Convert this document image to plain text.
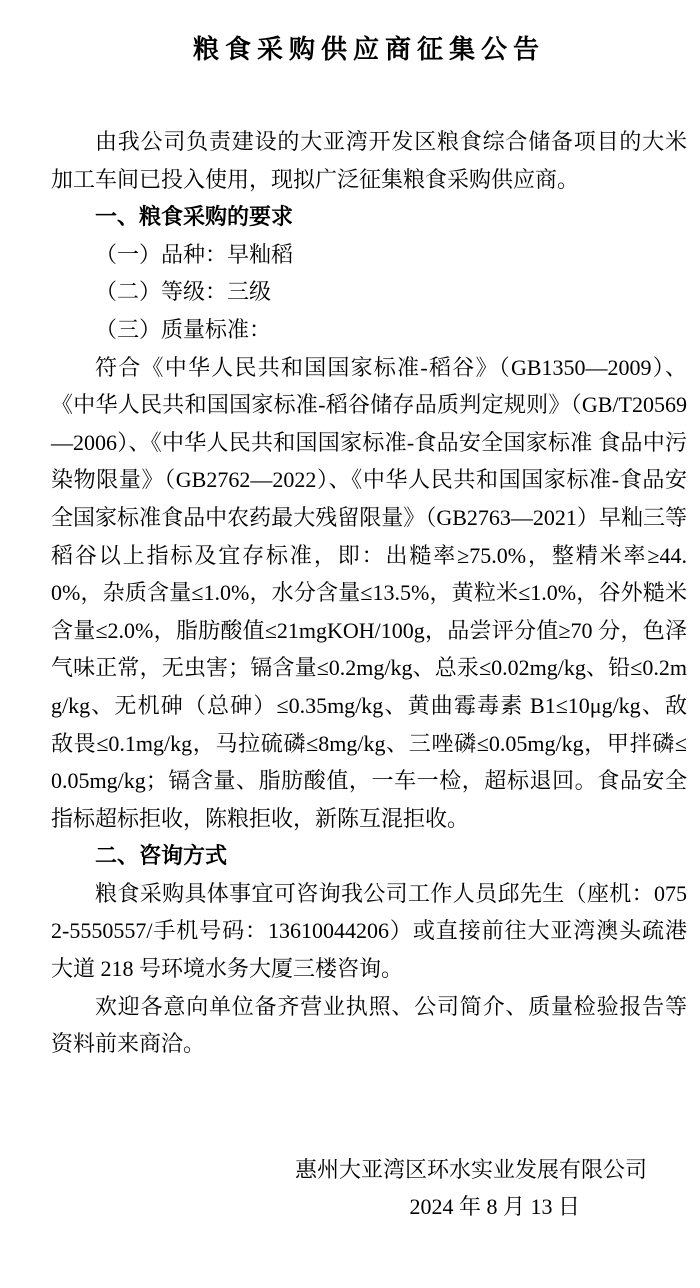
粮食采购供应商征集公告

由我公司负责建设的大亚湾开发区粮食综合储备项目的大米加工车间已投入使用，现拟广泛征集粮食采购供应商。

一、粮食采购的要求

（一）品种：早籼稻

（二）等级：三级

（三）质量标准：

符合《中华人民共和国国家标准-稻谷》（GB1350—2009）、《中华人民共和国国家标准-稻谷储存品质判定规则》（GB/T20569—2006）、《中华人民共和国国家标准-食品安全国家标准 食品中污染物限量》（GB2762—2022）、《中华人民共和国国家标准-食品安全国家标准食品中农药最大残留限量》（GB2763—2021）早籼三等稻谷以上指标及宜存标准，即：出糙率≥75.0%，整精米率≥44.0%，杂质含量≤1.0%，水分含量≤13.5%，黄粒米≤1.0%，谷外糙米含量≤2.0%，脂肪酸值≤21mgKOH/100g，品尝评分值≥70 分，色泽气味正常，无虫害；镉含量≤0.2mg/kg、总汞≤0.02mg/kg、铅≤0.2mg/kg、无机砷（总砷）≤0.35mg/kg、黄曲霉毒素 B1≤10μg/kg、敌敌畏≤0.1mg/kg，马拉硫磷≤8mg/kg、三唑磷≤0.05mg/kg，甲拌磷≤0.05mg/kg；镉含量、脂肪酸值，一车一检，超标退回。食品安全指标超标拒收，陈粮拒收，新陈互混拒收。

二、咨询方式

粮食采购具体事宜可咨询我公司工作人员邱先生（座机：0752-5550557/手机号码：13610044206）或直接前往大亚湾澳头疏港大道 218 号环境水务大厦三楼咨询。

欢迎各意向单位备齐营业执照、公司简介、质量检验报告等资料前来商洽。

惠州大亚湾区环水实业发展有限公司
2024 年 8 月 13 日
